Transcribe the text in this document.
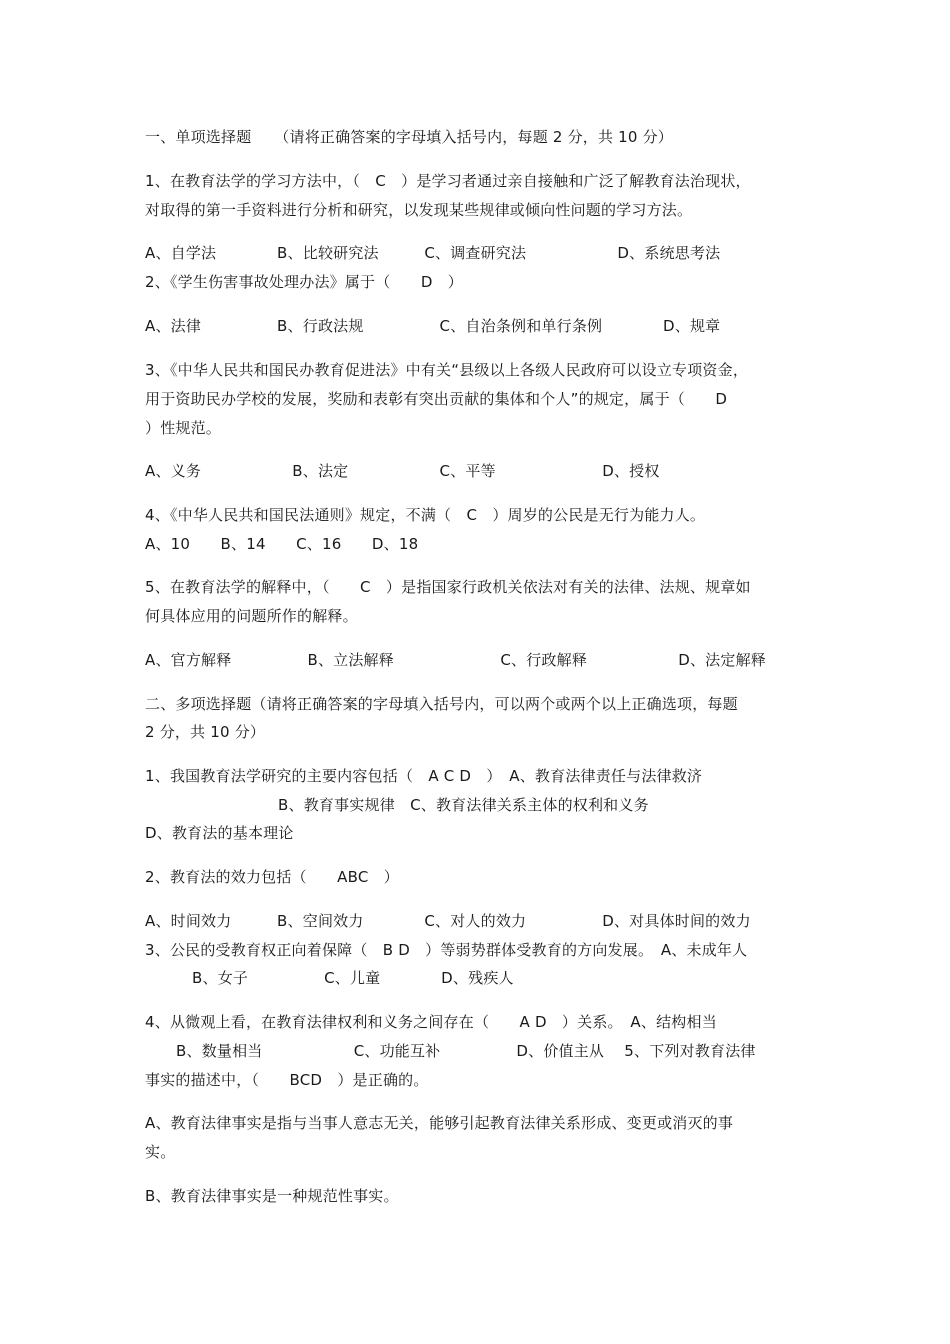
一、单项选择题　　（请将正确答案的字母填入括号内，每题 2 分，共 10 分）
1、在教育法学的学习方法中，（　C　）是学习者通过亲自接触和广泛了解教育法治现状，
对取得的第一手资料进行分析和研究，以发现某些规律或倾向性问题的学习方法。
A、自学法　　　　B、比较研究法　　　C、调查研究法　　　　　　D、系统思考法
2、《学生伤害事故处理办法》属于（　　D　）
A、法律　　　　　B、行政法规　　　　　C、自治条例和单行条例　　　　D、规章
3、《中华人民共和国民办教育促进法》中有关“县级以上各级人民政府可以设立专项资金，
用于资助民办学校的发展，奖励和表彰有突出贡献的集体和个人”的规定，属于（　　D
）性规范。
A、义务　　　　　　B、法定　　　　　　C、平等　　　　　　　D、授权
4、《中华人民共和国民法通则》规定，不满（　C　）周岁的公民是无行为能力人。
A、10　　B、14　　C、16　　D、18
5、在教育法学的解释中，（　　C　）是指国家行政机关依法对有关的法律、法规、规章如
何具体应用的问题所作的解释。
A、官方解释　　　　　B、立法解释　　　　　　　C、行政解释　　　　　　D、法定解释
二、多项选择题（请将正确答案的字母填入括号内，可以两个或两个以上正确选项，每题
2 分，共 10 分）
1、我国教育法学研究的主要内容包括（　A C D　）　A、教育法律责任与法律救济
B、教育事实规律　C、教育法律关系主体的权利和义务
D、教育法的基本理论
2、教育法的效力包括（　　ABC　）
A、时间效力　　　B、空间效力　　　　C、对人的效力　　　　　D、对具体时间的效力
3、公民的受教育权正向着保障（　B D　）等弱势群体受教育的方向发展。　A、未成年人
B、女子　　　　　C、儿童　　　　D、残疾人
4、从微观上看，在教育法律权利和义务之间存在（　　A D　）关系。　A、结构相当
B、数量相当　　　　　　C、功能互补　　　　　D、价值主从　 5、下列对教育法律
事实的描述中，（　　BCD　）是正确的。
A、教育法律事实是指与当事人意志无关，能够引起教育法律关系形成、变更或消灭的事
实。
B、教育法律事实是一种规范性事实。
